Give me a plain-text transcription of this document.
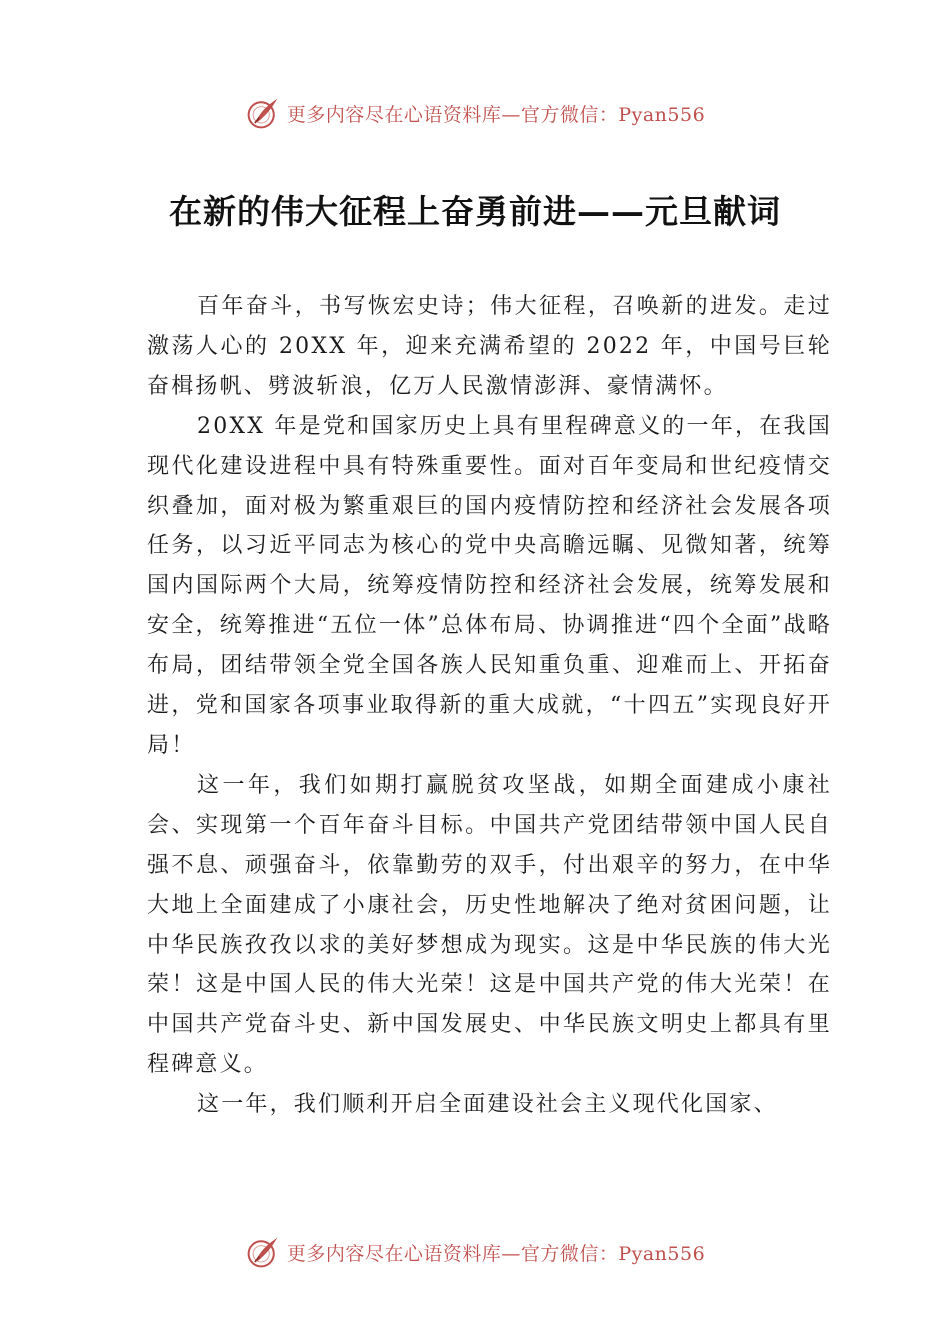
更多内容尽在心语资料库—官方微信：Pyan556
在新的伟大征程上奋勇前进——元旦献词

百年奋斗，书写恢宏史诗；伟大征程，召唤新的进发。走过激荡人心的 20XX 年，迎来充满希望的 2022 年，中国号巨轮奋楫扬帆、劈波斩浪，亿万人民激情澎湃、豪情满怀。

20XX 年是党和国家历史上具有里程碑意义的一年，在我国现代化建设进程中具有特殊重要性。面对百年变局和世纪疫情交织叠加，面对极为繁重艰巨的国内疫情防控和经济社会发展各项任务，以习近平同志为核心的党中央高瞻远瞩、见微知著，统筹国内国际两个大局，统筹疫情防控和经济社会发展，统筹发展和安全，统筹推进“五位一体”总体布局、协调推进“四个全面”战略布局，团结带领全党全国各族人民知重负重、迎难而上、开拓奋进，党和国家各项事业取得新的重大成就，“十四五”实现良好开局！

这一年，我们如期打赢脱贫攻坚战，如期全面建成小康社会、实现第一个百年奋斗目标。中国共产党团结带领中国人民自强不息、顽强奋斗，依靠勤劳的双手，付出艰辛的努力，在中华大地上全面建成了小康社会，历史性地解决了绝对贫困问题，让中华民族孜孜以求的美好梦想成为现实。这是中华民族的伟大光荣！这是中国人民的伟大光荣！这是中国共产党的伟大光荣！在中国共产党奋斗史、新中国发展史、中华民族文明史上都具有里程碑意义。

这一年，我们顺利开启全面建设社会主义现代化国家、

更多内容尽在心语资料库—官方微信：Pyan556
